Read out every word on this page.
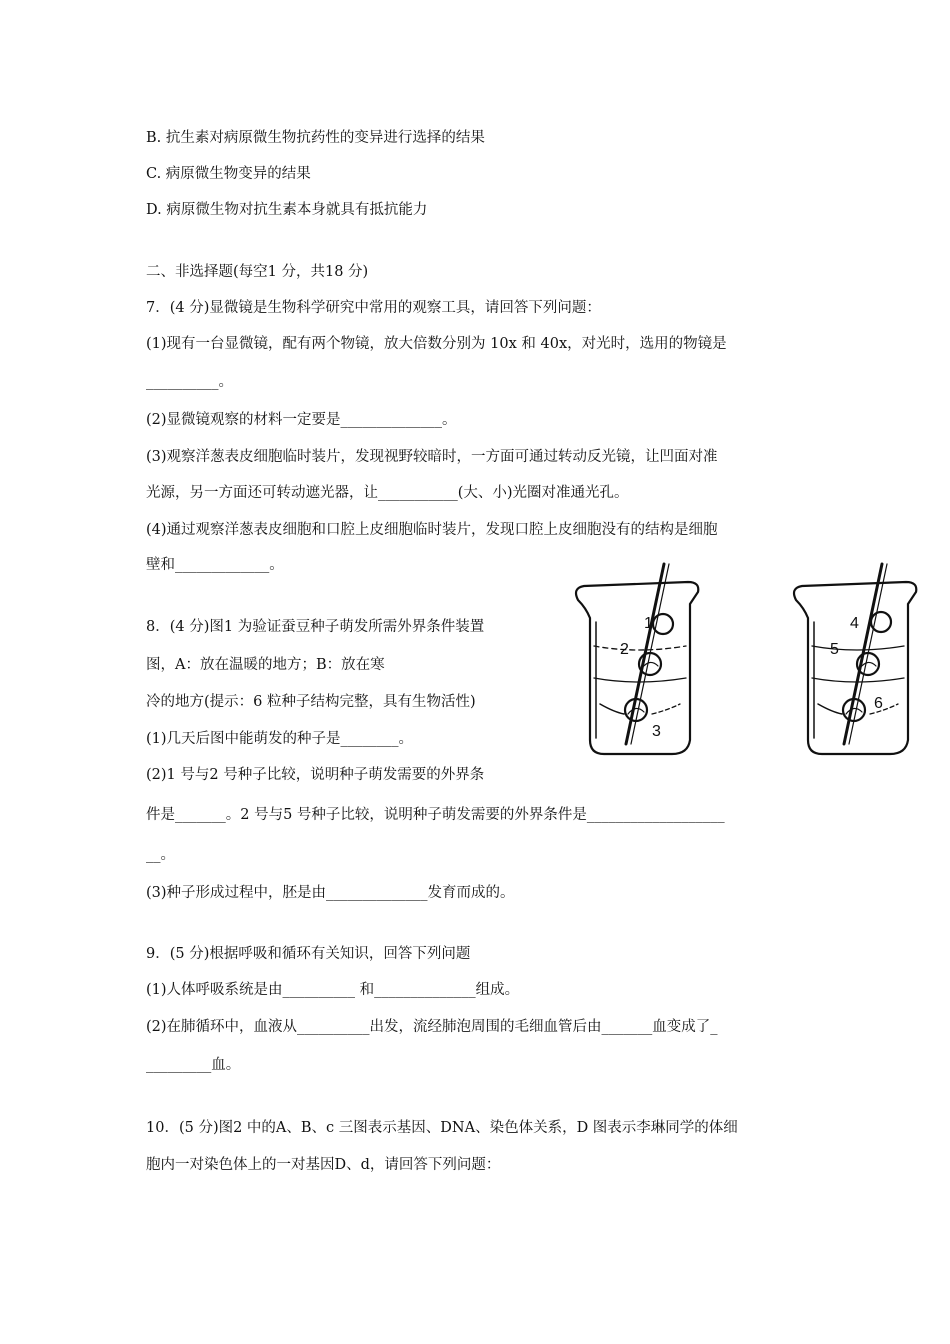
B. 抗生素对病原微生物抗药性的变异进行选择的结果
C. 病原微生物变异的结果
D. 病原微生物对抗生素本身就具有抵抗能力
二、非选择题(每空1 分，共18 分)
7．(4 分)显微镜是生物科学研究中常用的观察工具，请回答下列问题：
(1)现有一台显微镜，配有两个物镜，放大倍数分别为 10x 和 40x，对光时，选用的物镜是
__________。
(2)显微镜观察的材料一定要是______________。
(3)观察洋葱表皮细胞临时装片，发现视野较暗时，一方面可通过转动反光镜，让凹面对准
光源，另一方面还可转动遮光器，让___________(大、小)光圈对准通光孔。
(4)通过观察洋葱表皮细胞和口腔上皮细胞临时装片，发现口腔上皮细胞没有的结构是细胞
壁和_____________。
8．(4 分)图1 为验证蚕豆种子萌发所需外界条件装置
图，A：放在温暖的地方；B：放在寒
冷的地方(提示：6 粒种子结构完整，具有生物活性)
(1)几天后图中能萌发的种子是________。
(2)1 号与2 号种子比较，说明种子萌发需要的外界条
件是_______。2 号与5 号种子比较，说明种子萌发需要的外界条件是___________________
__。
(3)种子形成过程中，胚是由______________发育而成的。
9．(5 分)根据呼吸和循环有关知识，回答下列问题
(1)人体呼吸系统是由__________ 和______________组成。
(2)在肺循环中，血液从__________出发，流经肺泡周围的毛细血管后由_______血变成了_
_________血。
10．(5 分)图2 中的A、B、c 三图表示基因、DNA、染色体关系，D 图表示李琳同学的体细
胞内一对染色体上的一对基因D、d，请回答下列问题：
1
2
3
4
5
6
